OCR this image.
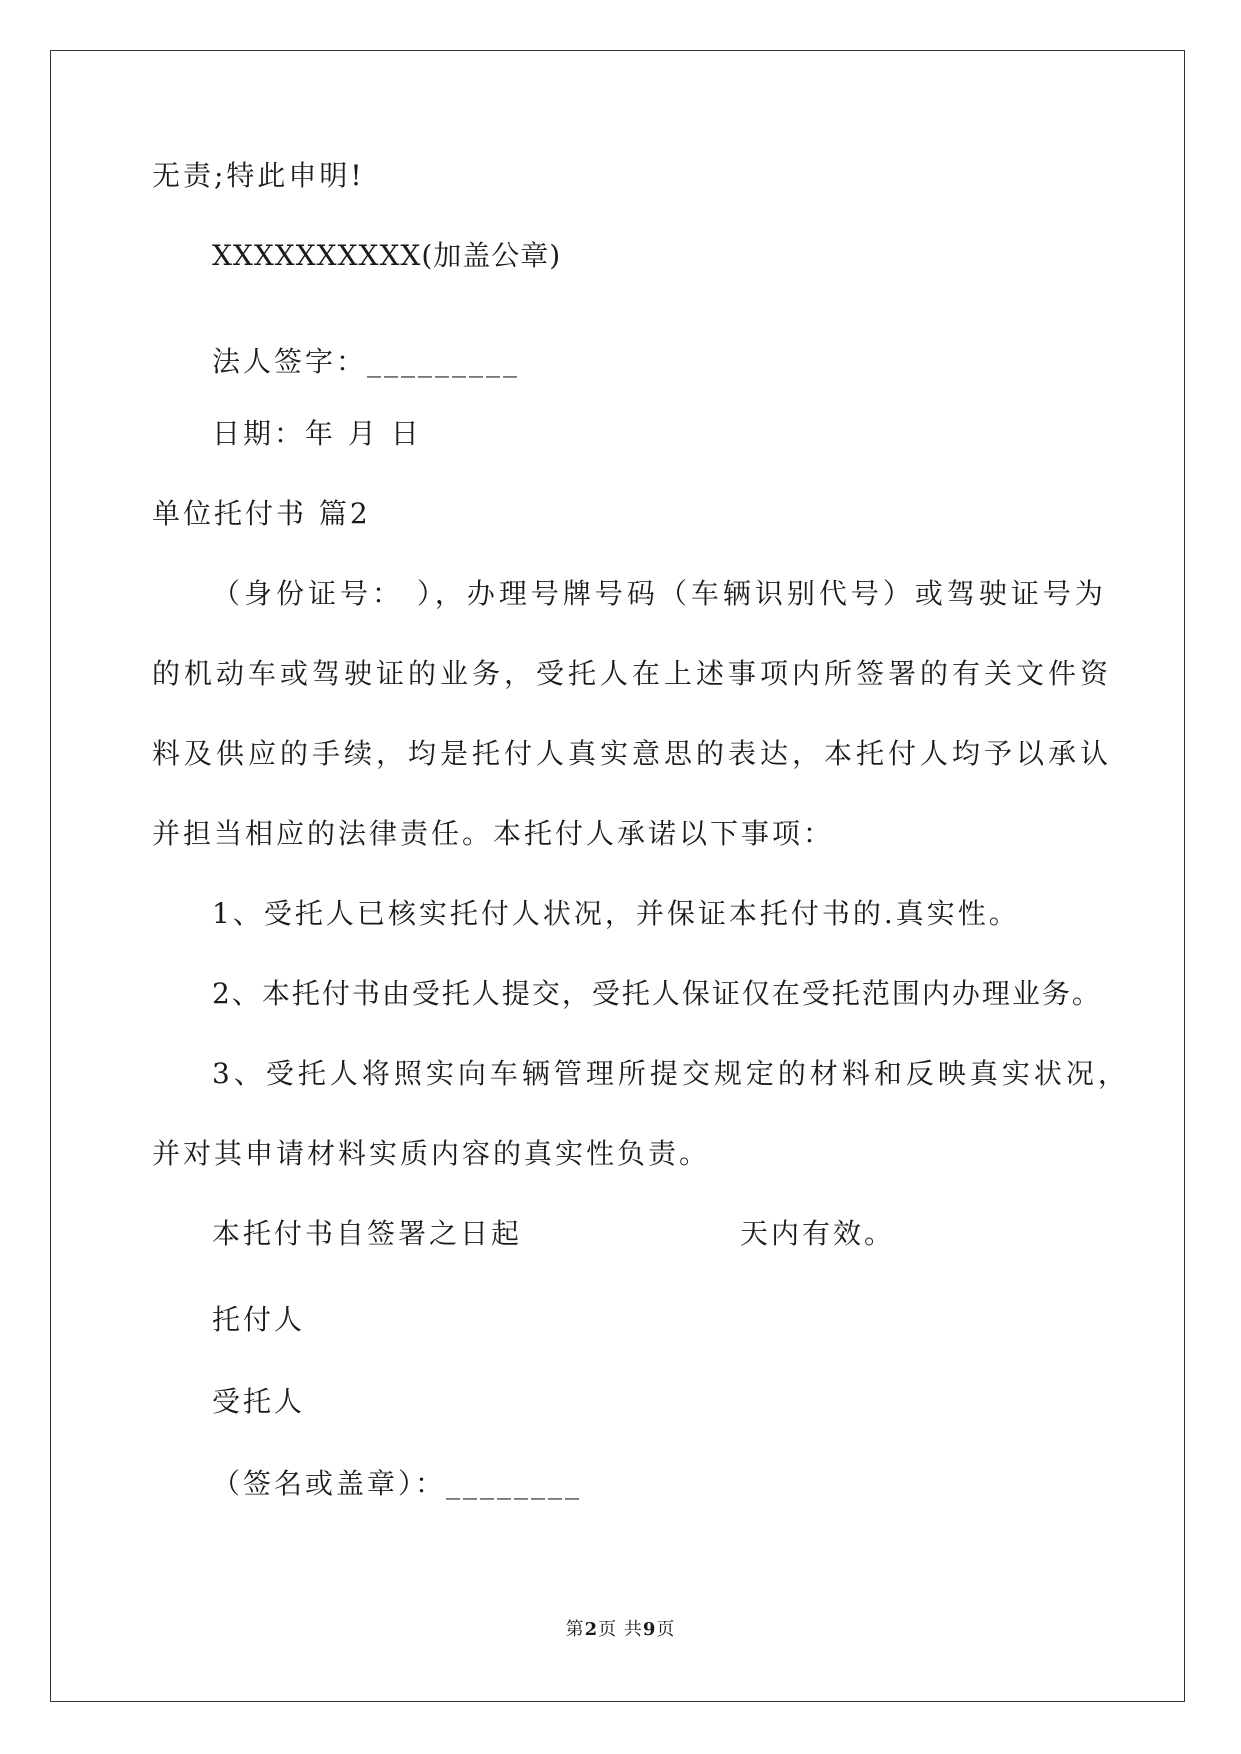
无责;特此申明!
XXXXXXXXXX(加盖公章)
法人签字：_________
日期：年 月 日
单位托付书 篇2
（身份证号： ），办理号牌号码（车辆识别代号）或驾驶证号为
的机动车或驾驶证的业务，受托人在上述事项内所签署的有关文件资
料及供应的手续，均是托付人真实意思的表达，本托付人均予以承认
并担当相应的法律责任。本托付人承诺以下事项：
1、受托人已核实托付人状况，并保证本托付书的.真实性。
2、本托付书由受托人提交，受托人保证仅在受托范围内办理业务。
3、受托人将照实向车辆管理所提交规定的材料和反映真实状况，
并对其申请材料实质内容的真实性负责。
本托付书自签署之日起	天内有效。
托付人
受托人
（签名或盖章）：________
第2页 共9页
